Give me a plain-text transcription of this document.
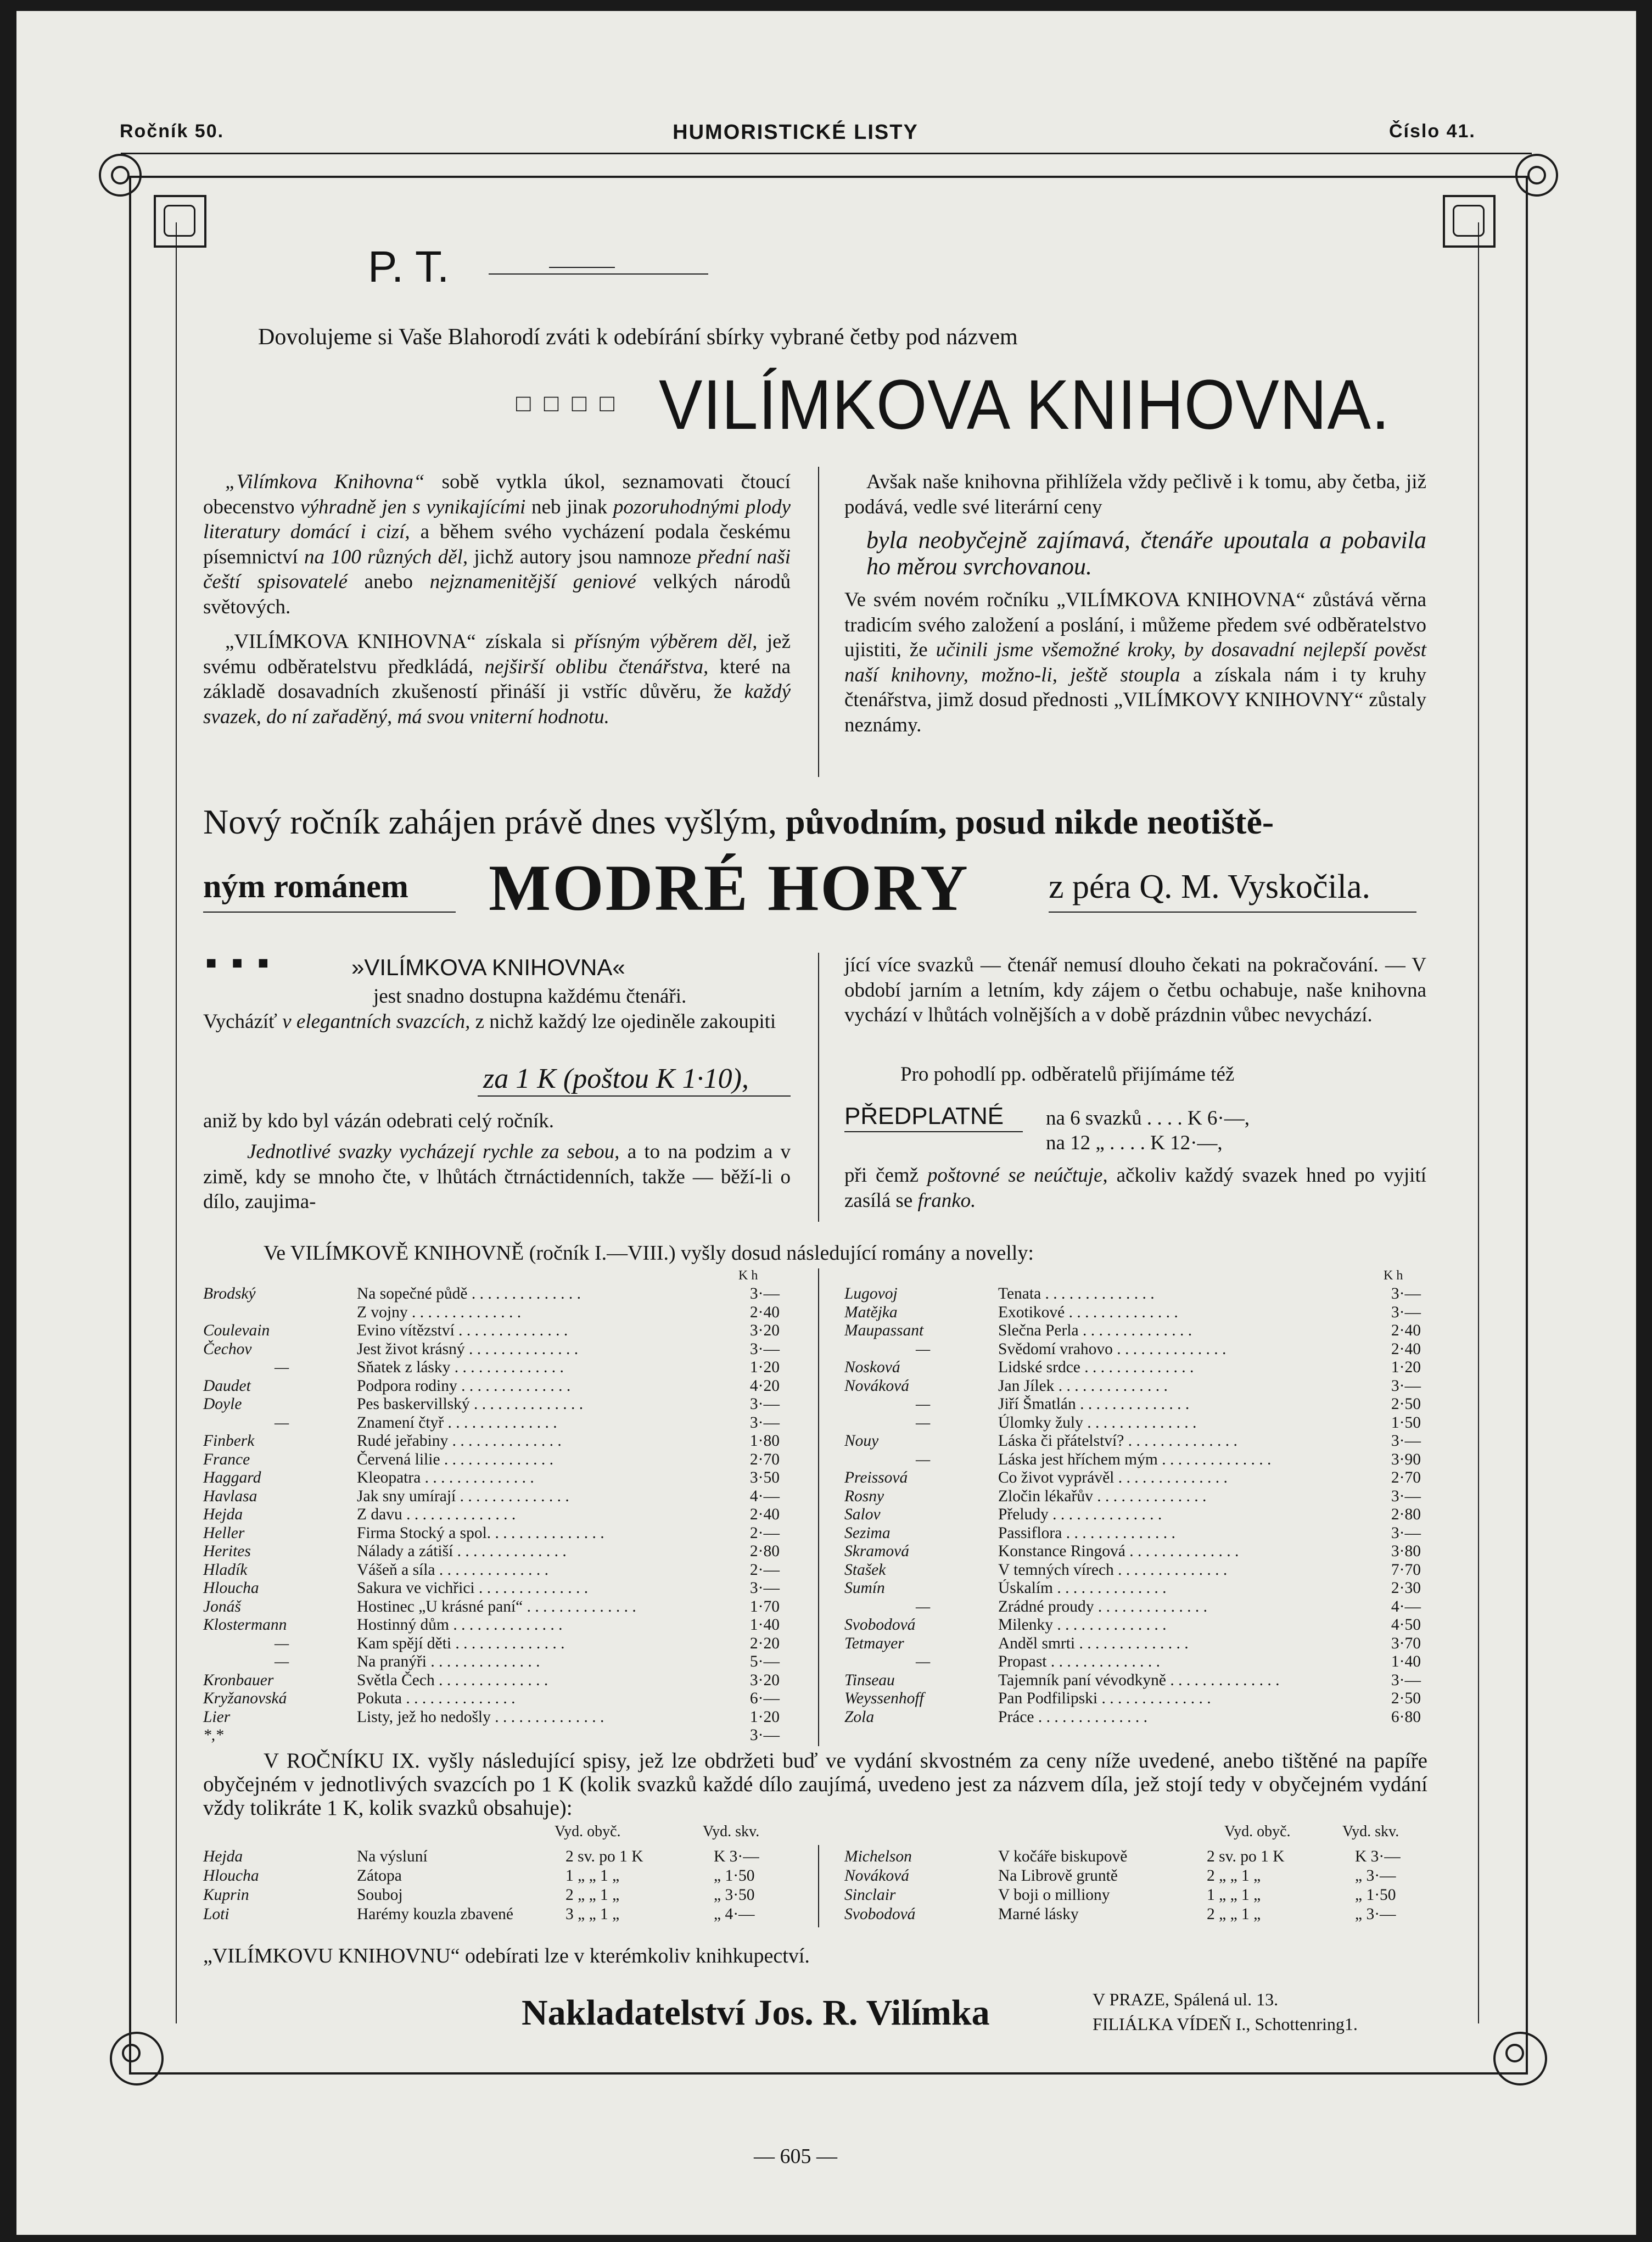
Ročník 50.	HUMORISTICKÉ LISTY	Číslo 41.
P. T.
Dovolujeme si Vaše Blahorodí zváti k odebírání sbírky vybrané četby pod názvem
□ □ □ □ VILÍMKOVA KNIHOVNA.

„Vilímkova Knihovna“ sobě vytkla úkol, seznamovati čtoucí obecenstvo výhradně jen s vynikajícími neb jinak pozoruhodnými plody literatury domácí i cizí, a během svého vycházení podala českému písemnictví na 100 různých děl, jichž autory jsou namnoze přední naši čeští spisovatelé anebo nejznamenitější geniové velkých národů světových.

„VILÍMKOVA KNIHOVNA“ získala si přísným výběrem děl, jež svému odběratelstvu předkládá, nejširší oblibu čtenářstva, které na základě dosavadních zkušeností přináší ji vstříc důvěru, že každý svazek, do ní zařaděný, má svou vniterní hodnotu.

Avšak naše knihovna přihlížela vždy pečlivě i k tomu, aby četba, již podává, vedle své literární ceny

byla neobyčejně zajímavá, čtenáře upoutala a pobavila ho měrou svrchovanou.

Ve svém novém ročníku „VILÍMKOVA KNIHOVNA“ zůstává věrna tradicím svého založení a poslání, i můžeme předem své odběratelstvo ujistiti, že učinili jsme všemožné kroky, by dosavadní nejlepší pověst naší knihovny, možno-li, ještě stoupla a získala nám i ty kruhy čtenářstva, jimž dosud přednosti „VILÍMKOVY KNIHOVNY“ zůstaly neznámy.

Nový ročník zahájen právě dnes vyšlým, původním, posud nikde neotiště-
ným románem MODRÉ HORY z péra Q. M. Vyskočila.
■ ■ ■	»VILÍMKOVA KNIHOVNA«
jest snadno dostupna každému čtenáři.

Vycházíť v elegantních svazcích, z nichž každý lze ojediněle zakoupiti

za 1 K (poštou K 1·10),
aniž by kdo byl vázán odebrati celý ročník.

Jednotlivé svazky vycházejí rychle za sebou, a to na podzim a v zimě, kdy se mnoho čte, v lhůtách čtrnáctidenních, takže — běží-li o dílo, zaujima-

jící více svazků — čtenář nemusí dlouho čekati na pokračování. — V období jarním a letním, kdy zájem o četbu ochabuje, naše knihovna vychází v lhůtách volnějších a v době prázdnin vůbec nevychází.

Pro pohodlí pp. odběratelů přijímáme též
PŘEDPLATNÉ na 6 svazků . . . . K 6·—,
na 12 „ . . . . K 12·—,

při čemž poštovné se neúčtuje, ačkoliv každý svazek hned po vyjití zasílá se franko.

Ve VILÍMKOVĚ KNIHOVNĚ (ročník I.—VIII.) vyšly dosud následující romány a novelly:
K h	K h
Brodský	Na sopečné půdě . . . . . . . . . . . . . .	3·—
Z vojny . . . . . . . . . . . . . .	2·40
Coulevain	Evino vítězství . . . . . . . . . . . . . .	3·20
Čechov	Jest život krásný . . . . . . . . . . . . . .	3·—
—	Sňatek z lásky . . . . . . . . . . . . . .	1·20
Daudet	Podpora rodiny . . . . . . . . . . . . . .	4·20
Doyle	Pes baskervillský . . . . . . . . . . . . . .	3·—
—	Znamení čtyř . . . . . . . . . . . . . .	3·—
Finberk	Rudé jeřabiny . . . . . . . . . . . . . .	1·80
France	Červená lilie . . . . . . . . . . . . . .	2·70
Haggard	Kleopatra . . . . . . . . . . . . . .	3·50
Havlasa	Jak sny umírají . . . . . . . . . . . . . .	4·—
Hejda	Z davu . . . . . . . . . . . . . .	2·40
Heller	Firma Stocký a spol. . . . . . . . . . . . . . .	2·—
Herites	Nálady a zátiší . . . . . . . . . . . . . .	2·80
Hladík	Vášeň a síla . . . . . . . . . . . . . .	2·—
Hloucha	Sakura ve vichřici . . . . . . . . . . . . . .	3·—
Jonáš	Hostinec „U krásné paní“ . . . . . . . . . . . . . .	1·70
Klostermann	Hostinný dům . . . . . . . . . . . . . .	1·40
—	Kam spějí děti . . . . . . . . . . . . . .	2·20
—	Na pranýři . . . . . . . . . . . . . .	5·—
Kronbauer	Světla Čech . . . . . . . . . . . . . .	3·20
Kryžanovská	Pokuta . . . . . . . . . . . . . .	6·—
Lier	Listy, jež ho nedošly . . . . . . . . . . . . . .	1·20
*,*	3·—
Lugovoj	Tenata . . . . . . . . . . . . . .	3·—
Matějka	Exotikové . . . . . . . . . . . . . .	3·—
Maupassant	Slečna Perla . . . . . . . . . . . . . .	2·40
—	Svědomí vrahovo . . . . . . . . . . . . . .	2·40
Nosková	Lidské srdce . . . . . . . . . . . . . .	1·20
Nováková	Jan Jílek . . . . . . . . . . . . . .	3·—
—	Jiří Šmatlán . . . . . . . . . . . . . .	2·50
—	Úlomky žuly . . . . . . . . . . . . . .	1·50
Nouy	Láska či přátelství? . . . . . . . . . . . . . .	3·—
—	Láska jest hříchem mým . . . . . . . . . . . . . .	3·90
Preissová	Co život vyprávěl . . . . . . . . . . . . . .	2·70
Rosny	Zločin lékařův . . . . . . . . . . . . . .	3·—
Salov	Přeludy . . . . . . . . . . . . . .	2·80
Sezima	Passiflora . . . . . . . . . . . . . .	3·—
Skramová	Konstance Ringová . . . . . . . . . . . . . .	3·80
Stašek	V temných vírech . . . . . . . . . . . . . .	7·70
Sumín	Úskalím . . . . . . . . . . . . . .	2·30
—	Zrádné proudy . . . . . . . . . . . . . .	4·—
Svobodová	Milenky . . . . . . . . . . . . . .	4·50
Tetmayer	Anděl smrti . . . . . . . . . . . . . .	3·70
—	Propast . . . . . . . . . . . . . .	1·40
Tinseau	Tajemník paní vévodkyně . . . . . . . . . . . . . .	3·—
Weyssenhoff	Pan Podfilipski . . . . . . . . . . . . . .	2·50
Zola	Práce . . . . . . . . . . . . . .	6·80
V ROČNÍKU IX. vyšly následující spisy, jež lze obdržeti buď ve vydání skvostném za ceny níže uvedené, anebo tištěné na papíře obyčejném v jednotlivých svazcích po 1 K (kolik svazků každé dílo zaujímá, uvedeno jest za názvem díla, jež stojí tedy v obyčejném vydání vždy tolikráte 1 K, kolik svazků obsahuje):
Vyd. obyč.	Vyd. skv.	Vyd. obyč.	Vyd. skv.
Hejda	Na výsluní	2 sv. po 1 K	K 3·—
Hloucha	Zátopa	1 „ „ 1 „	„ 1·50
Kuprin	Souboj	2 „ „ 1 „	„ 3·50
Loti	Harémy kouzla zbavené	3 „ „ 1 „	„ 4·—
Michelson	V kočáře biskupově	2 sv. po 1 K	K 3·—
Nováková	Na Librově gruntě	2 „ „ 1 „	„ 3·—
Sinclair	V boji o milliony	1 „ „ 1 „	„ 1·50
Svobodová	Marné lásky	2 „ „ 1 „	„ 3·—
„VILÍMKOVU KNIHOVNU“ odebírati lze v kterémkoliv knihkupectví.
Nakladatelství Jos. R. Vilímka	V PRAZE, Spálená ul. 13.
FILIÁLKA VÍDEŇ I., Schottenring1.
— 605 —
